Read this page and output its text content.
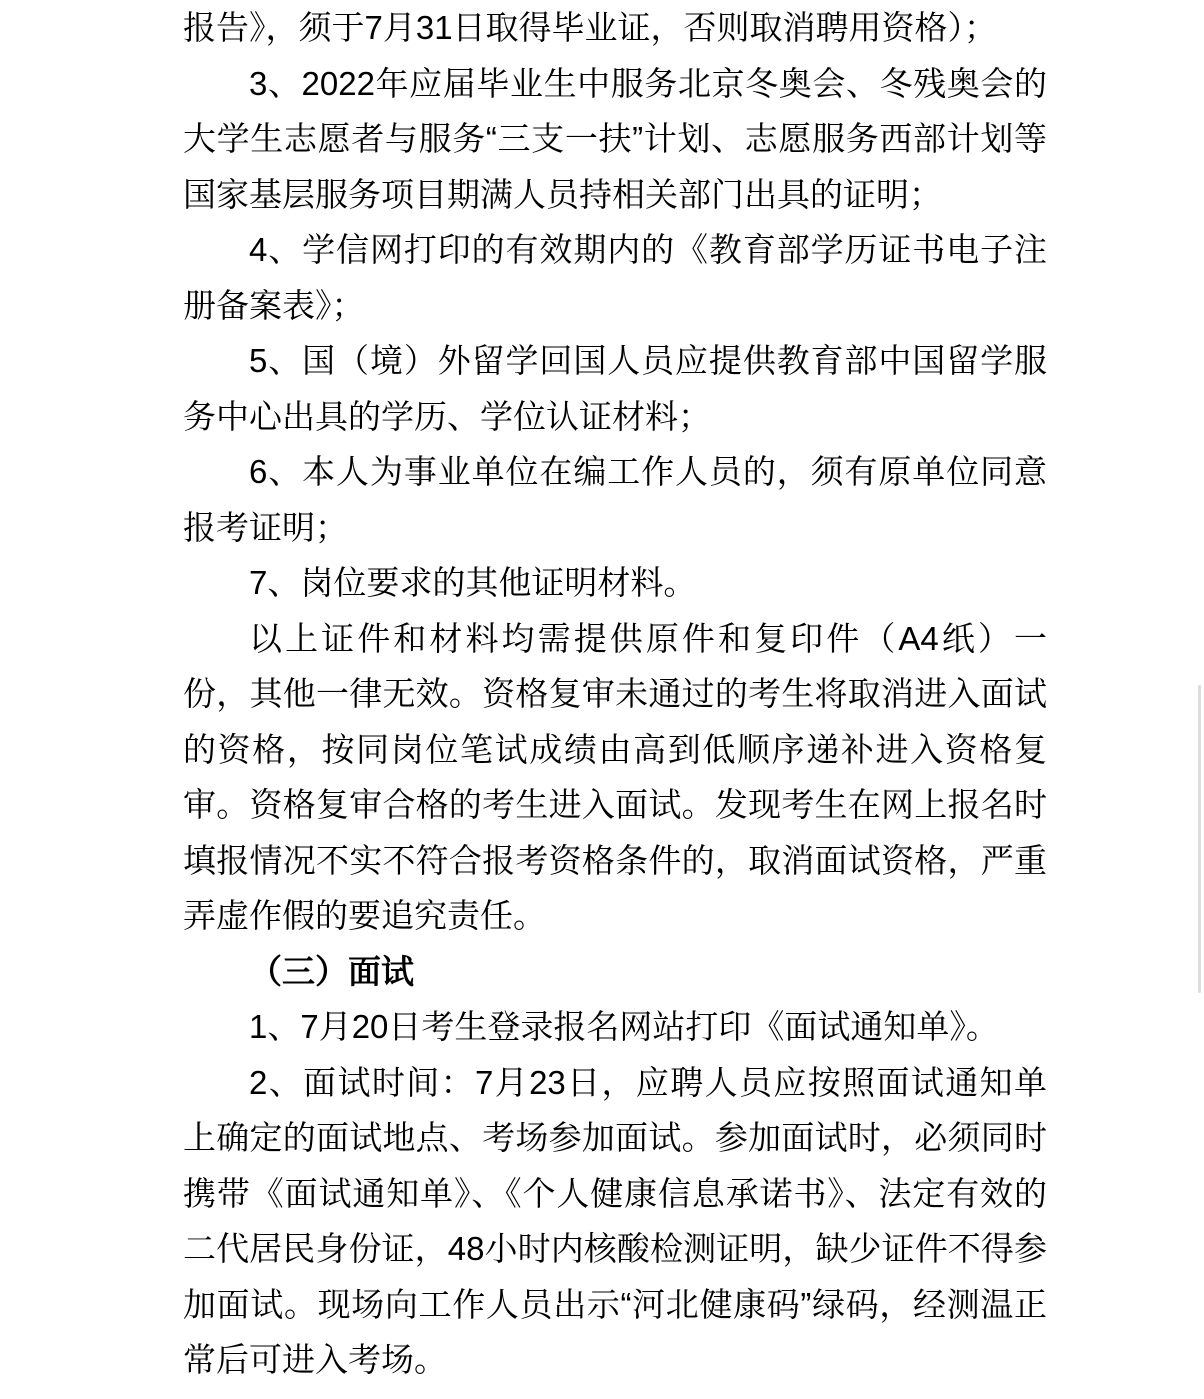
报告》，须于7月31日取得毕业证，否则取消聘用资格）；

3、2022年应届毕业生中服务北京冬奥会、冬残奥会的大学生志愿者与服务“三支一扶”计划、志愿服务西部计划等国家基层服务项目期满人员持相关部门出具的证明；

4、学信网打印的有效期内的《教育部学历证书电子注册备案表》；

5、国（境）外留学回国人员应提供教育部中国留学服务中心出具的学历、学位认证材料；

6、本人为事业单位在编工作人员的，须有原单位同意报考证明；

7、岗位要求的其他证明材料。

以上证件和材料均需提供原件和复印件（A4纸）一份，其他一律无效。资格复审未通过的考生将取消进入面试的资格，按同岗位笔试成绩由高到低顺序递补进入资格复审。资格复审合格的考生进入面试。发现考生在网上报名时填报情况不实不符合报考资格条件的，取消面试资格，严重弄虚作假的要追究责任。

（三）面试

1、7月20日考生登录报名网站打印《面试通知单》。

2、面试时间：7月23日，应聘人员应按照面试通知单上确定的面试地点、考场参加面试。参加面试时，必须同时携带《面试通知单》、《个人健康信息承诺书》、法定有效的二代居民身份证，48小时内核酸检测证明，缺少证件不得参加面试。现场向工作人员出示“河北健康码”绿码，经测温正常后可进入考场。
